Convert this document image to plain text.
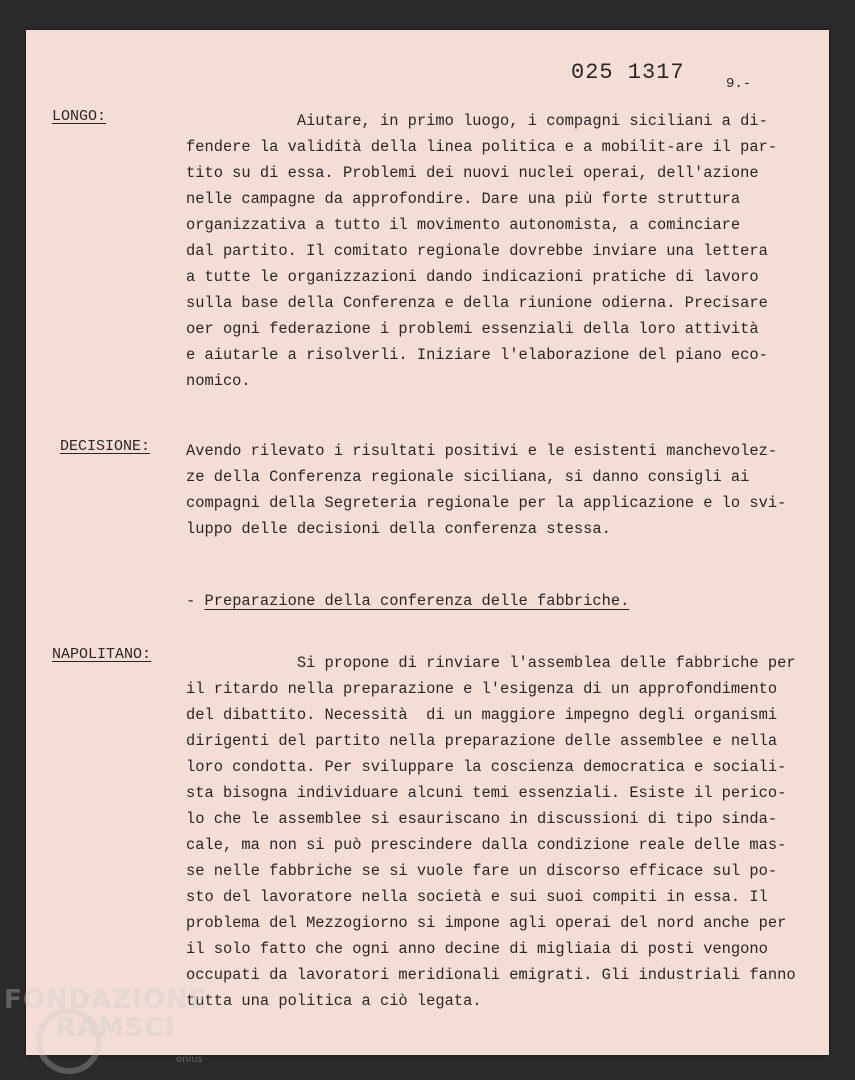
025 1317	9.-
LONGO:	Aiutare, in primo luogo, i compagni siciliani a di-
fendere la validità della linea politica e a mobilit-are il par-
tito su di essa. Problemi dei nuovi nuclei operai, dell'azione
nelle campagne da approfondire. Dare una più forte struttura
organizzativa a tutto il movimento autonomista, a cominciare
dal partito. Il comitato regionale dovrebbe inviare una lettera
a tutte le organizzazioni dando indicazioni pratiche di lavoro
sulla base della Conferenza e della riunione odierna. Precisare
oer ogni federazione i problemi essenziali della loro attività
e aiutarle a risolverli. Iniziare l'elaborazione del piano eco-
nomico.
DECISIONE: Avendo rilevato i risultati positivi e le esistenti manchevolez-
ze della Conferenza regionale siciliana, si danno consigli ai
compagni della Segreteria regionale per la applicazione e lo svi-
luppo delle decisioni della conferenza stessa.
- Preparazione della conferenza delle fabbriche.
NAPOLITANO: Si propone di rinviare l'assemblea delle fabbriche per
il ritardo nella preparazione e l'esigenza di un approfondimento
del dibattito. Necessità  di un maggiore impegno degli organismi
dirigenti del partito nella preparazione delle assemblee e nella
loro condotta. Per sviluppare la coscienza democratica e sociali-
sta bisogna individuare alcuni temi essenziali. Esiste il perico-
lo che le assemblee si esauriscano in discussioni di tipo sinda-
cale, ma non si può prescindere dalla condizione reale delle mas-
se nelle fabbriche se si vuole fare un discorso efficace sul po-
sto del lavoratore nella società e sui suoi compiti in essa. Il
problema del Mezzogiorno si impone agli operai del nord anche per
il solo fatto che ogni anno decine di migliaia di posti vengono
occupati da lavoratori meridionali emigrati. Gli industriali fanno
tutta una politica a ciò legata.
FONDAZIONE
RAMSCI
onlus
